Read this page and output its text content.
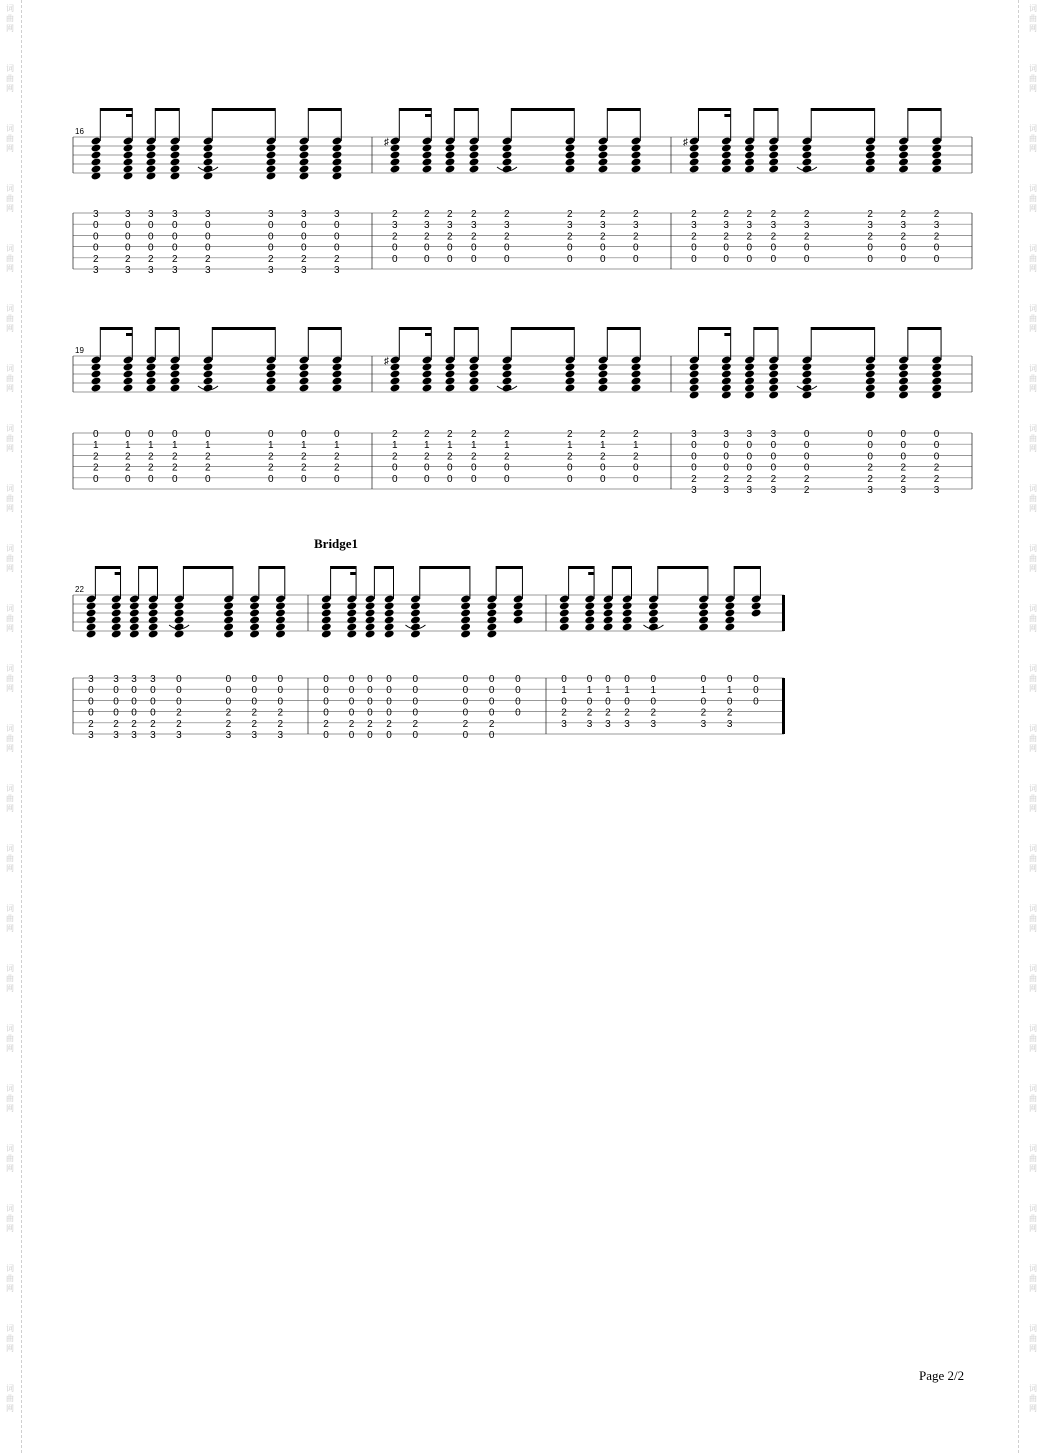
词
曲
网
词
曲
网
词
曲
网
词
曲
网
词
曲
网
词
曲
网
词
曲
网
词
曲
网
词
曲
网
词
曲
网
词
曲
网
词
曲
网
词
曲
网
词
曲
网
词
曲
网
词
曲
网
词
曲
网
词
曲
网
词
曲
网
词
曲
网
词
曲
网
词
曲
网
词
曲
网
词
曲
网
词
曲
网
词
曲
网
词
曲
网
词
曲
网
词
曲
网
词
曲
网
词
曲
网
词
曲
网
词
曲
网
词
曲
网
词
曲
网
词
曲
网
词
曲
网
词
曲
网
词
曲
网
词
曲
网
词
曲
网
词
曲
网
词
曲
网
词
曲
网
词
曲
网
词
曲
网
词
曲
网
词
曲
网
16
3
0
0
0
2
3
3
0
0
0
2
3
3
0
0
0
2
3
3
0
0
0
2
3
3
0
0
0
2
3
3
0
0
0
2
3
3
0
0
0
2
3
3
0
0
0
2
3
♯
2
3
2
0
0
2
3
2
0
0
2
3
2
0
0
2
3
2
0
0
2
3
2
0
0
2
3
2
0
0
2
3
2
0
0
2
3
2
0
0
♯
2
3
2
0
0
2
3
2
0
0
2
3
2
0
0
2
3
2
0
0
2
3
2
0
0
2
3
2
0
0
2
3
2
0
0
2
3
2
0
0
19
0
1
2
2
0
0
1
2
2
0
0
1
2
2
0
0
1
2
2
0
0
1
2
2
0
0
1
2
2
0
0
1
2
2
0
0
1
2
2
0
♯
2
1
2
0
0
2
1
2
0
0
2
1
2
0
0
2
1
2
0
0
2
1
2
0
0
2
1
2
0
0
2
1
2
0
0
2
1
2
0
0
3
0
0
0
2
3
3
0
0
0
2
3
3
0
0
0
2
3
3
0
0
0
2
3
0
0
0
0
2
2
0
0
0
2
2
3
0
0
0
2
2
3
0
0
0
2
2
3
22
3
0
0
0
2
3
3
0
0
0
2
3
3
0
0
0
2
3
3
0
0
0
2
3
0
0
0
2
2
3
0
0
0
2
2
3
0
0
0
2
2
3
0
0
0
2
2
3
0
0
0
0
2
0
0
0
0
0
2
0
0
0
0
0
2
0
0
0
0
0
2
0
0
0
0
0
2
0
0
0
0
0
2
0
0
0
0
0
2
0
0
0
0
0
0
1
0
2
3
0
1
0
2
3
0
1
0
2
3
0
1
0
2
3
0
1
0
2
3
0
1
0
2
3
0
1
0
2
3
0
0
0
Bridge1
Page 2/2
